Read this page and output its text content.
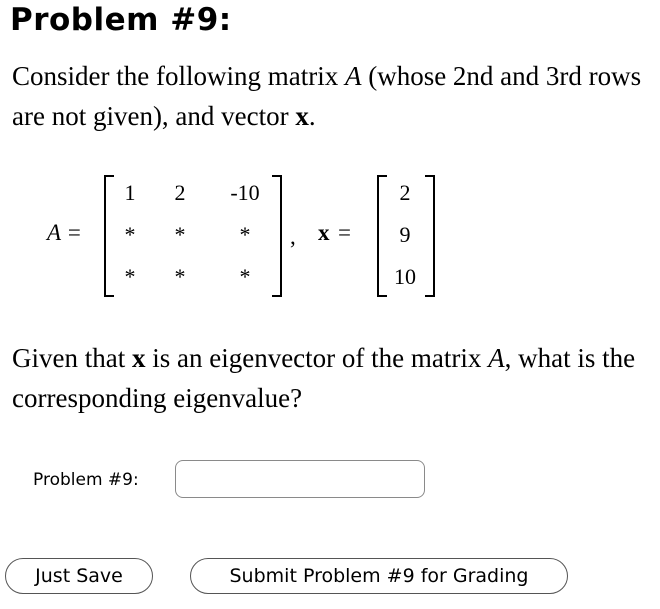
Problem #9:
Consider the following matrix A (whose 2nd and 3rd rows are not given), and vector x.
A =
1	2	-10
*	*	*
*	*	*
, x =
2
9
10
Given that x is an eigenvector of the matrix A, what is the corresponding eigenvalue?
Problem #9:
Just Save	Submit Problem #9 for Grading
